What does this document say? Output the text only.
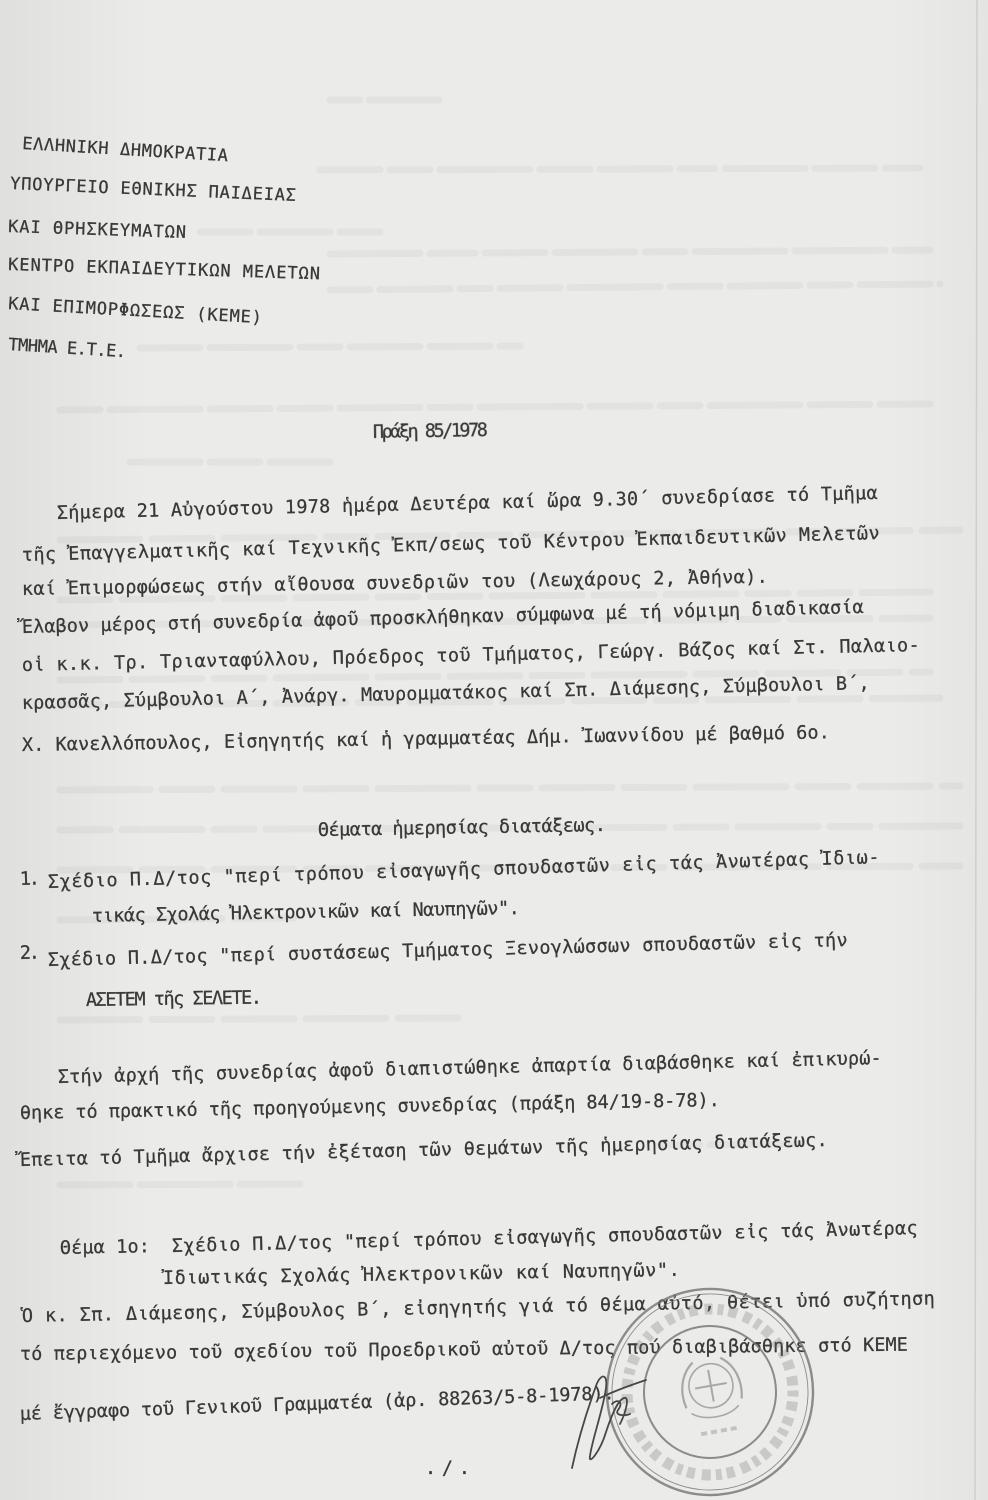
ΕΛΛΗΝΙΚΗ ΔΗΜΟΚΡΑΤΙΑ
ΥΠΟΥΡΓΕΙΟ ΕΘΝΙΚΗΣ ΠΑΙΔΕΙΑΣ
ΚΑΙ ΘΡΗΣΚΕΥΜΑΤΩΝ
ΚΕΝΤΡΟ ΕΚΠΑΙΔΕΥΤΙΚΩΝ ΜΕΛΕΤΩΝ
ΚΑΙ ΕΠΙΜΟΡΦΩΣΕΩΣ (ΚΕΜΕ)
ΤΜΗΜΑ Ε.Τ.Ε.
Πράξη 85/1978
Σήμερα 21 Αὐγούστου 1978 ἡμέρα Δευτέρα καί ὥρα 9.30΄ συνεδρίασε τό Τμῆμα
τῆς Ἐπαγγελματικῆς καί Τεχνικῆς Ἐκπ/σεως τοῦ Κέντρου Ἐκπαιδευτικῶν Μελετῶν
καί Ἐπιμορφώσεως στήν αἴθουσα συνεδριῶν του (Λεωχάρους 2, Ἀθήνα).
Ἔλαβον μέρος στή συνεδρία ἀφοῦ προσκλήθηκαν σύμφωνα μέ τή νόμιμη διαδικασία
οἱ κ.κ. Τρ. Τριανταφύλλου, Πρόεδρος τοῦ Τμήματος, Γεώργ. Βάζος καί Στ. Παλαιο-
κρασσᾶς, Σύμβουλοι Α΄, Ἀνάργ. Μαυρομματάκος καί Σπ. Διάμεσης, Σύμβουλοι Β΄,
Χ. Κανελλόπουλος, Εἰσηγητής καί ἡ γραμματέας Δήμ. Ἰωαννίδου μέ βαθμό 6ο.
Θέματα ἡμερησίας διατάξεως.
1. Σχέδιο Π.Δ/τος "περί τρόπου εἰσαγωγῆς σπουδαστῶν εἰς τάς Ἀνωτέρας Ἰδιω-
τικάς Σχολάς Ἠλεκτρονικῶν καί Ναυπηγῶν".
2. Σχέδιο Π.Δ/τος "περί συστάσεως Τμήματος Ξενογλώσσων σπουδαστῶν εἰς τήν
ΑΣΕΤΕΜ τῆς ΣΕΛΕΤΕ.
Στήν ἀρχή τῆς συνεδρίας ἀφοῦ διαπιστώθηκε ἀπαρτία διαβάσθηκε καί ἐπικυρώ-
θηκε τό πρακτικό τῆς προηγούμενης συνεδρίας (πράξη 84/19-8-78).
Ἔπειτα τό Τμῆμα ἄρχισε τήν ἐξέταση τῶν θεμάτων τῆς ἡμερησίας διατάξεως.
Θέμα 1ο: Σχέδιο Π.Δ/τος "περί τρόπου εἰσαγωγῆς σπουδαστῶν εἰς τάς Ἀνωτέρας
Ἰδιωτικάς Σχολάς Ἠλεκτρονικῶν καί Ναυπηγῶν".
Ὁ κ. Σπ. Διάμεσης, Σύμβουλος Β΄, εἰσηγητής γιά τό θέμα αὐτό, θέτει ὑπό συζήτηση
τό περιεχόμενο τοῦ σχεδίου τοῦ Προεδρικοῦ αὐτοῦ Δ/τος πού διαβιβάσθηκε στό ΚΕΜΕ
μέ ἔγγραφο τοῦ Γενικοῦ Γραμματέα (ἀρ. 88263/5-8-1978).
. / .
